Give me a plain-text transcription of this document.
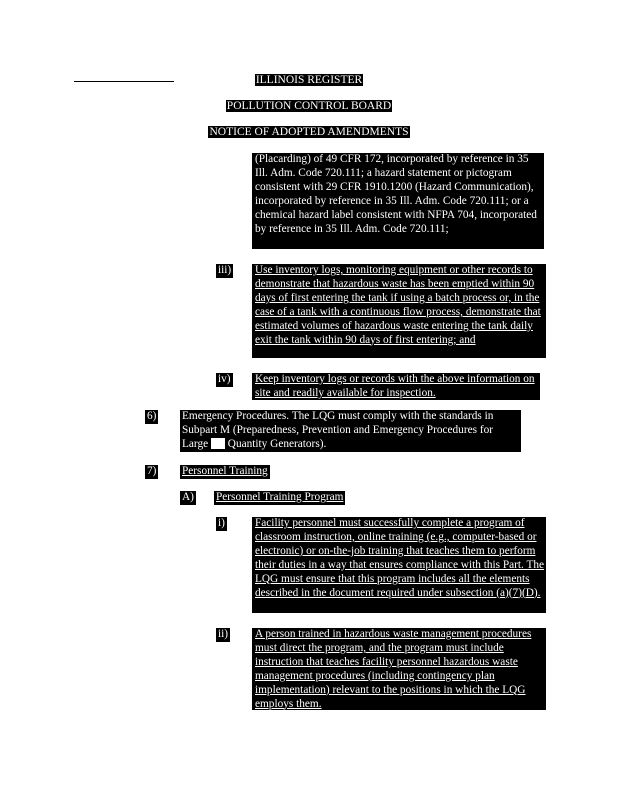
ILLINOIS REGISTER
POLLUTION CONTROL BOARD
NOTICE OF ADOPTED AMENDMENTS

(Placarding) of 49 CFR 172, incorporated by reference in 35 Ill. Adm. Code 720.111; a hazard statement or pictogram consistent with 29 CFR 1910.1200 (Hazard Communication), incorporated by reference in 35 Ill. Adm. Code 720.111; or a chemical hazard label consistent with NFPA 704, incorporated by reference in 35 Ill. Adm. Code 720.111;

iii) Use inventory logs, monitoring equipment or other records to demonstrate that hazardous waste has been emptied within 90 days of first entering the tank if using a batch process or, in the case of a tank with a continuous flow process, demonstrate that estimated volumes of hazardous waste entering the tank daily exit the tank within 90 days of first entering; and

iv) Keep inventory logs or records with the above information on site and readily available for inspection.

6) Emergency Procedures. The LQG must comply with the standards in Subpart M (Preparedness, Prevention and Emergency Procedures for Large Quantity Generators).

7) Personnel Training
A) Personnel Training Program
i)	Facility personnel must successfully complete a program of classroom instruction, online training (e.g., computer-based or electronic) or on-the-job training that teaches them to perform their duties in a way that ensures compliance with this Part. The LQG must ensure that this program includes all the elements described in the document required under subsection (a)(7)(D).

ii) A person trained in hazardous waste management procedures must direct the program, and the program must include instruction that teaches facility personnel hazardous waste management procedures (including contingency plan implementation) relevant to the positions in which the LQG employs them.
